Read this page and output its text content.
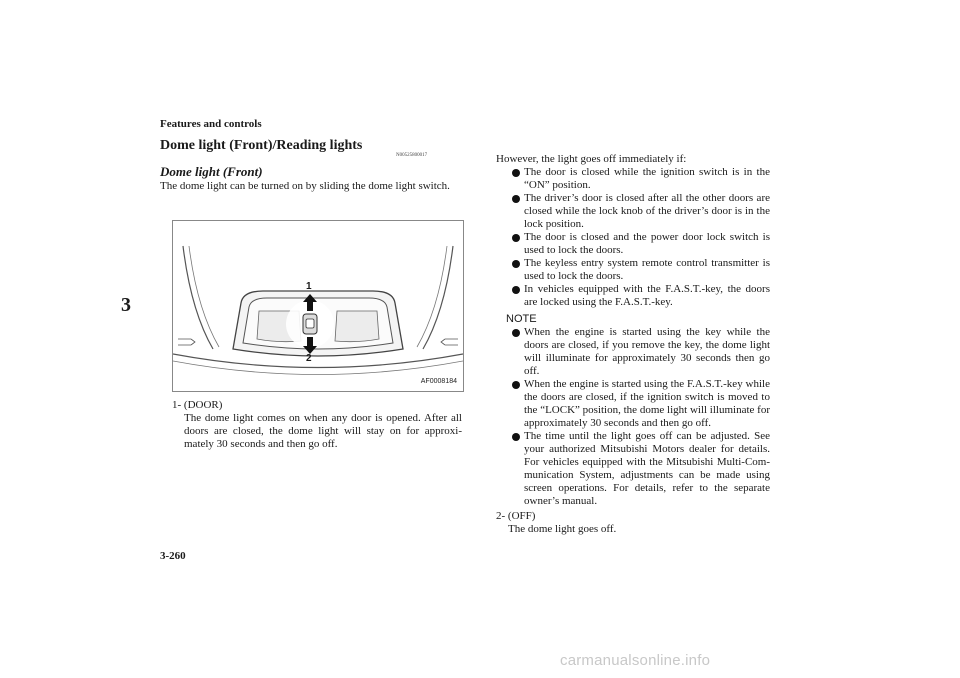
Features and controls
3
Dome light (Front)/Reading lights
N00525800017
Dome light (Front)
The dome light can be turned on by sliding the dome light switch.
1
2
AF0008184
1- (DOOR)
The dome light comes on when any door is opened. After all doors are closed, the dome light will stay on for approxi-mately 30 seconds and then go off.
However, the light goes off immediately if:
The door is closed while the ignition switch is in the “ON” position.
The driver’s door is closed after all the other doors are closed while the lock knob of the driver’s door is in the lock position.
The door is closed and the power door lock switch is used to lock the doors.
The keyless entry system remote control transmitter is used to lock the doors.
In vehicles equipped with the F.A.S.T.-key, the doors are locked using the F.A.S.T.-key.
NOTE
When the engine is started using the key while the doors are closed, if you remove the key, the dome light will illuminate for approximately 30 seconds then go off.
When the engine is started using the F.A.S.T.-key while the doors are closed, if the ignition switch is moved to the “LOCK” position, the dome light will illuminate for approximately 30 seconds and then go off.
The time until the light goes off can be adjusted. See your authorized Mitsubishi Motors dealer for details. For vehicles equipped with the Mitsubishi Multi-Com-munication System, adjustments can be made using screen operations. For details, refer to the separate owner’s manual.
2- (OFF)
The dome light goes off.
3-260
carmanualsonline.info
